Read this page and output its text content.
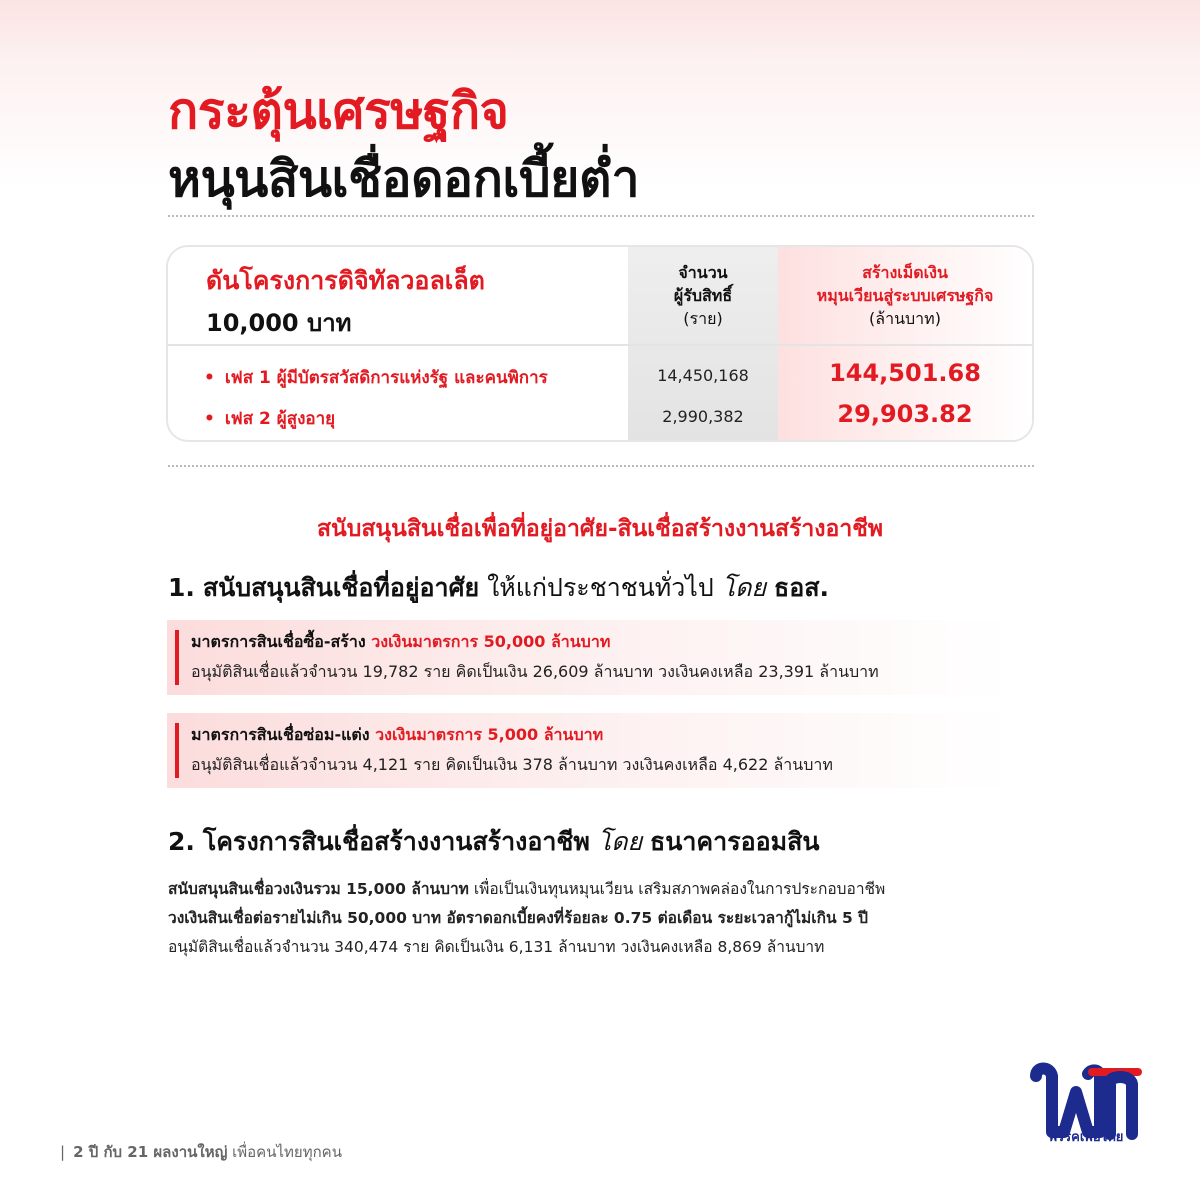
กระตุ้นเศรษฐกิจ
หนุนสินเชื่อดอกเบี้ยต่ำ
ดันโครงการดิจิทัลวอลเล็ต
10,000 บาท
จำนวน
ผู้รับสิทธิ์
(ราย)
สร้างเม็ดเงิน
หมุนเวียนสู่ระบบเศรษฐกิจ
(ล้านบาท)
• เฟส 1 ผู้มีบัตรสวัสดิการแห่งรัฐ และคนพิการ	14,450,168	144,501.68
• เฟส 2 ผู้สูงอายุ	2,990,382	29,903.82
สนับสนุนสินเชื่อเพื่อที่อยู่อาศัย-สินเชื่อสร้างงานสร้างอาชีพ
1. สนับสนุนสินเชื่อที่อยู่อาศัย ให้แก่ประชาชนทั่วไป โดย ธอส.
มาตรการสินเชื่อซื้อ-สร้าง วงเงินมาตรการ 50,000 ล้านบาท
อนุมัติสินเชื่อแล้วจำนวน 19,782 ราย คิดเป็นเงิน 26,609 ล้านบาท วงเงินคงเหลือ 23,391 ล้านบาท
มาตรการสินเชื่อซ่อม-แต่ง วงเงินมาตรการ 5,000 ล้านบาท
อนุมัติสินเชื่อแล้วจำนวน 4,121 ราย คิดเป็นเงิน 378 ล้านบาท วงเงินคงเหลือ 4,622 ล้านบาท
2. โครงการสินเชื่อสร้างงานสร้างอาชีพ โดย ธนาคารออมสิน
สนับสนุนสินเชื่อวงเงินรวม 15,000 ล้านบาท เพื่อเป็นเงินทุนหมุนเวียน เสริมสภาพคล่องในการประกอบอาชีพ
วงเงินสินเชื่อต่อรายไม่เกิน 50,000 บาท อัตราดอกเบี้ยคงที่ร้อยละ 0.75 ต่อเดือน ระยะเวลากู้ไม่เกิน 5 ปี
อนุมัติสินเชื่อแล้วจำนวน 340,474 ราย คิดเป็นเงิน 6,131 ล้านบาท วงเงินคงเหลือ 8,869 ล้านบาท
| 2 ปี กับ 21 ผลงานใหญ่ เพื่อคนไทยทุกคน
พรรคเพื่อไทย
